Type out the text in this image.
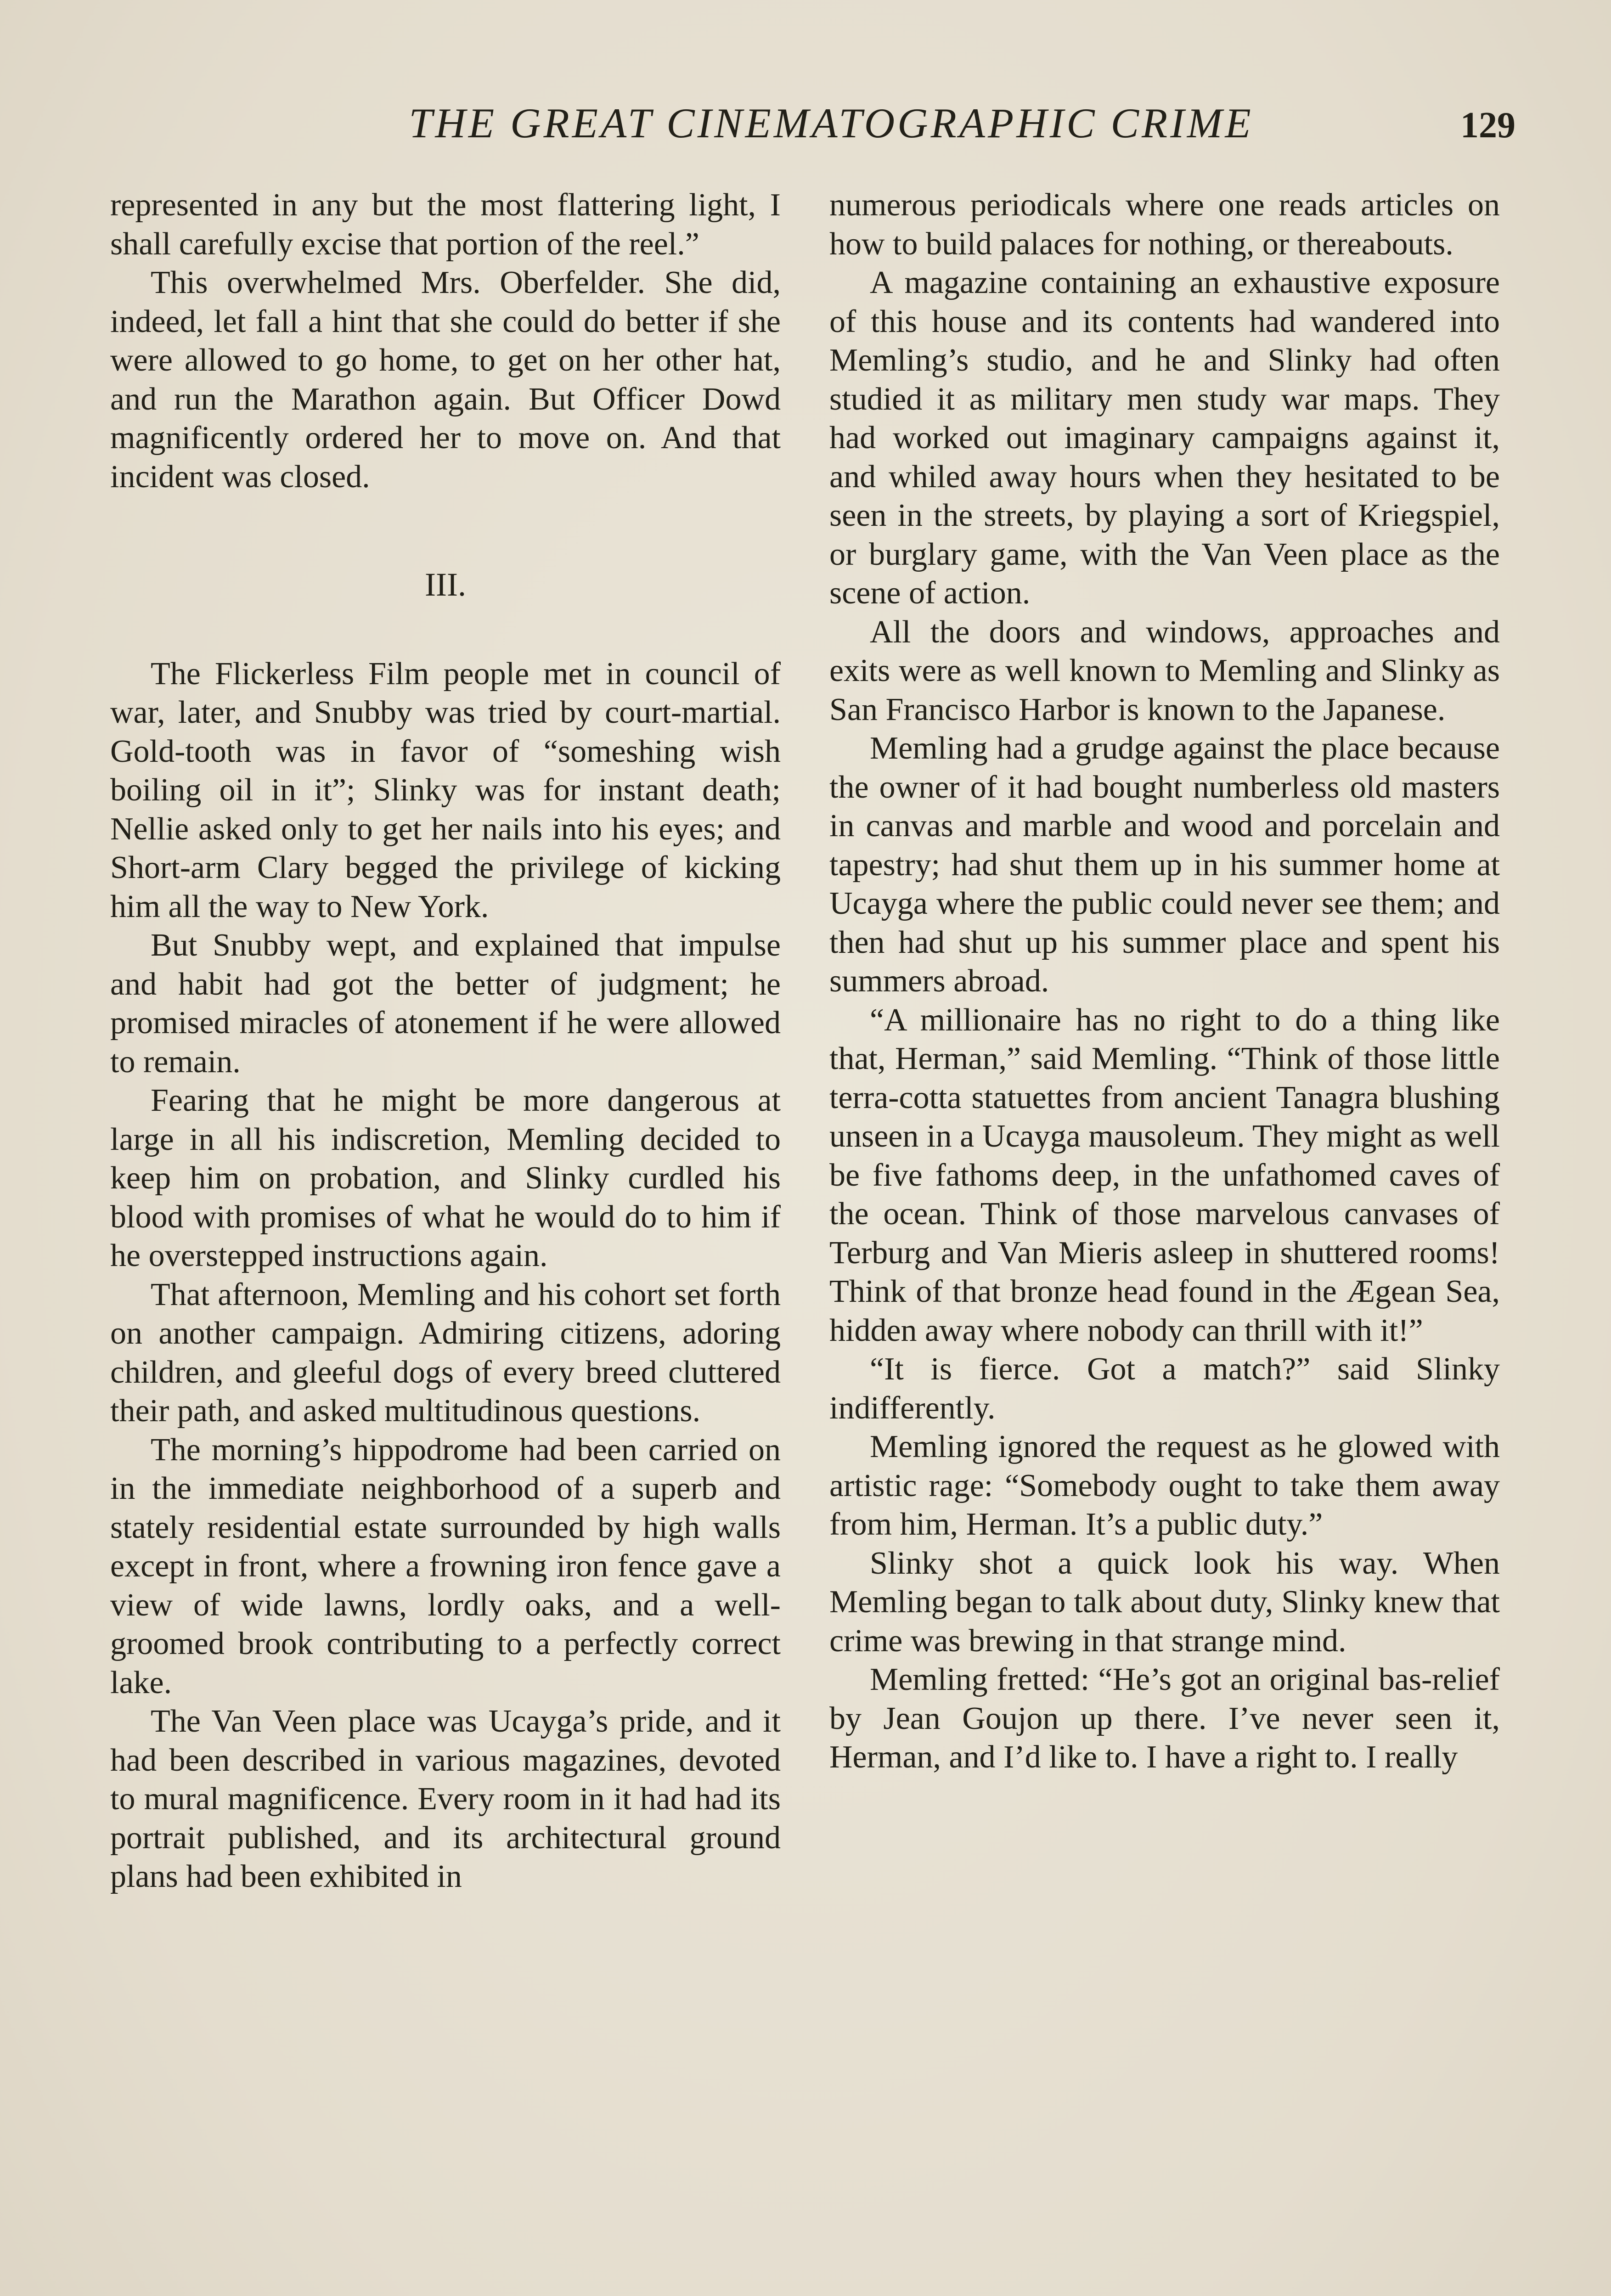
THE GREAT CINEMATOGRAPHIC CRIME	129

represented in any but the most flattering light, I shall carefully excise that portion of the reel.”

This overwhelmed Mrs. Oberfelder. She did, indeed, let fall a hint that she could do better if she were allowed to go home, to get on her other hat, and run the Marathon again. But Officer Dowd magnificently ordered her to move on. And that incident was closed.

III.

The Flickerless Film people met in council of war, later, and Snubby was tried by court-martial. Gold-tooth was in favor of “someshing wish boiling oil in it”; Slinky was for instant death; Nellie asked only to get her nails into his eyes; and Short-arm Clary begged the privilege of kicking him all the way to New York.

But Snubby wept, and explained that impulse and habit had got the better of judgment; he promised miracles of atonement if he were allowed to remain.

Fearing that he might be more dangerous at large in all his indiscretion, Memling decided to keep him on probation, and Slinky curdled his blood with promises of what he would do to him if he overstepped instructions again.

That afternoon, Memling and his cohort set forth on another campaign. Admiring citizens, adoring children, and gleeful dogs of every breed cluttered their path, and asked multitudinous questions.

The morning’s hippodrome had been carried on in the immediate neighborhood of a superb and stately residential estate surrounded by high walls except in front, where a frowning iron fence gave a view of wide lawns, lordly oaks, and a well-groomed brook contributing to a perfectly correct lake.

The Van Veen place was Ucayga’s pride, and it had been described in various magazines, devoted to mural magnificence. Every room in it had had its portrait published, and its architectural ground plans had been exhibited in

numerous periodicals where one reads articles on how to build palaces for nothing, or thereabouts.

A magazine containing an exhaustive exposure of this house and its contents had wandered into Memling’s studio, and he and Slinky had often studied it as military men study war maps. They had worked out imaginary campaigns against it, and whiled away hours when they hesitated to be seen in the streets, by playing a sort of Kriegspiel, or burglary game, with the Van Veen place as the scene of action.

All the doors and windows, approaches and exits were as well known to Memling and Slinky as San Francisco Harbor is known to the Japanese.

Memling had a grudge against the place because the owner of it had bought numberless old masters in canvas and marble and wood and porcelain and tapestry; had shut them up in his summer home at Ucayga where the public could never see them; and then had shut up his summer place and spent his summers abroad.

“A millionaire has no right to do a thing like that, Herman,” said Memling. “Think of those little terra-cotta statuettes from ancient Tanagra blushing unseen in a Ucayga mausoleum. They might as well be five fathoms deep, in the unfathomed caves of the ocean. Think of those marvelous canvases of Terburg and Van Mieris asleep in shuttered rooms! Think of that bronze head found in the Ægean Sea, hidden away where nobody can thrill with it!”

“It is fierce. Got a match?” said Slinky indifferently.

Memling ignored the request as he glowed with artistic rage: “Somebody ought to take them away from him, Herman. It’s a public duty.”

Slinky shot a quick look his way. When Memling began to talk about duty, Slinky knew that crime was brewing in that strange mind.

Memling fretted: “He’s got an original bas-relief by Jean Goujon up there. I’ve never seen it, Herman, and I’d like to. I have a right to. I really
